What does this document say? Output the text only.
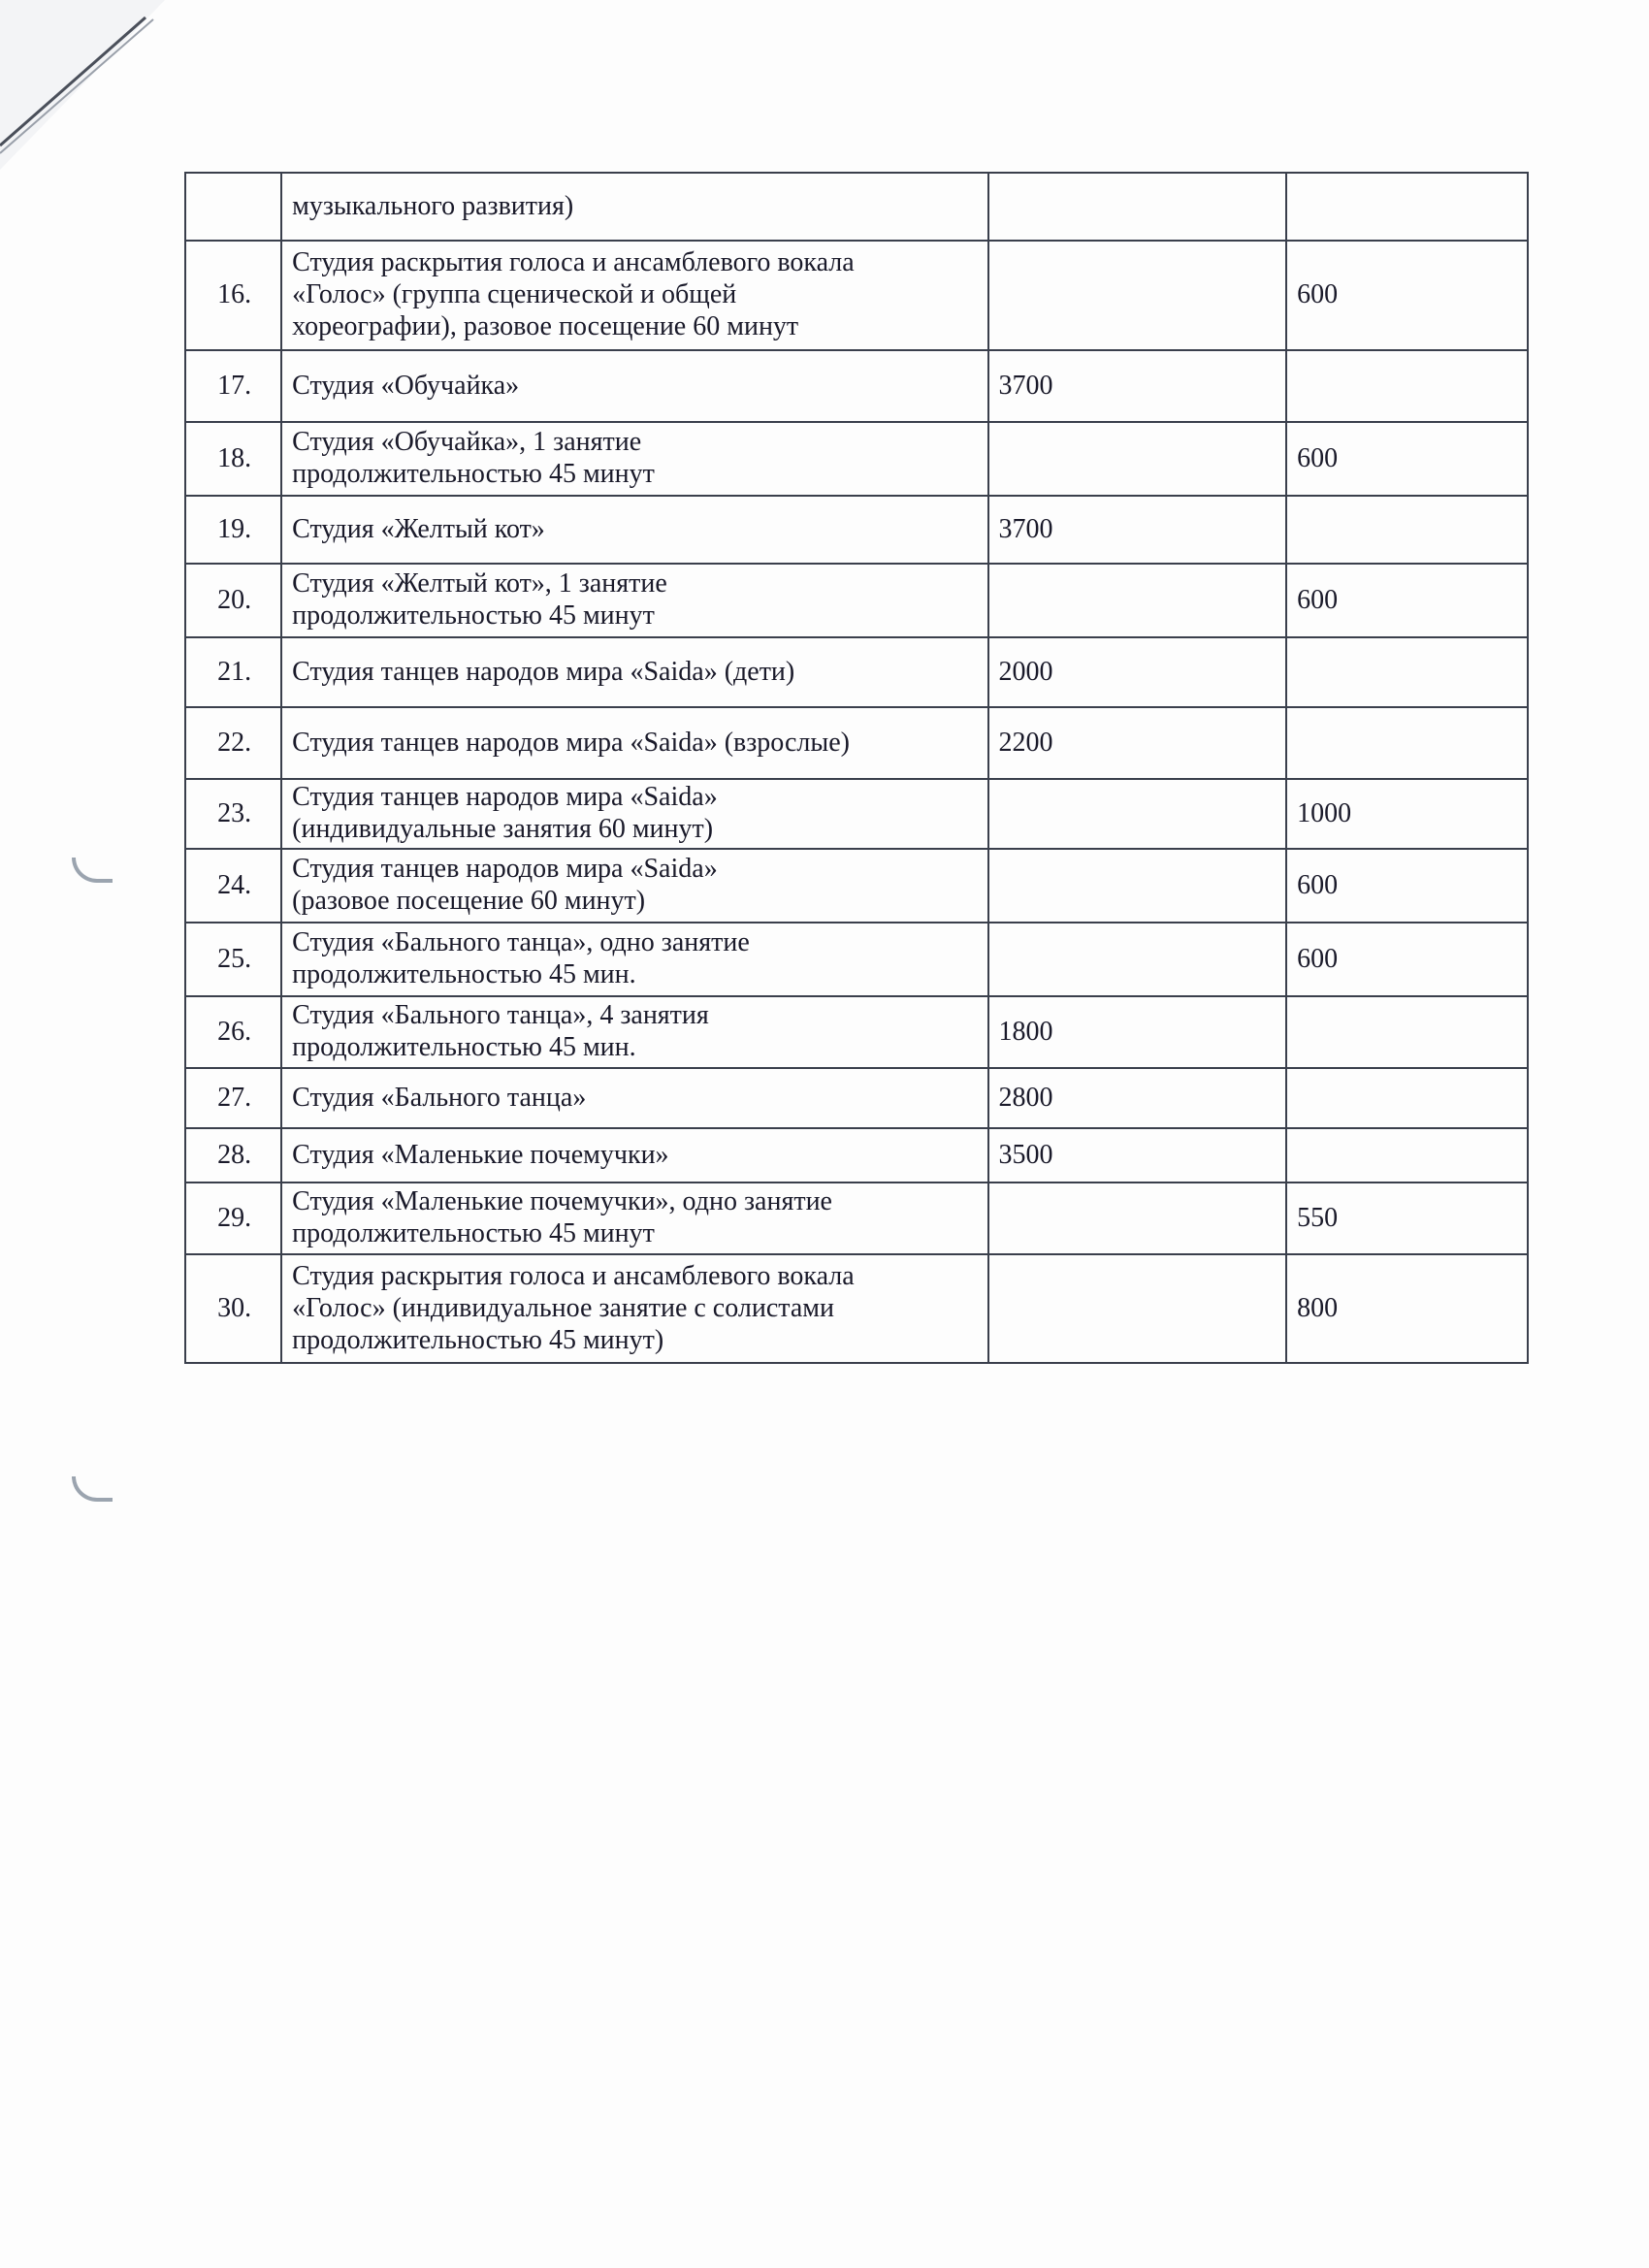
	музыкального развития)		

16.	Студия раскрытия голоса и ансамблевого вокала
«Голос» (группа сценической и общей
хореографии), разовое посещение 60 минут		600
17.	Студия «Обучайка»	3700	
18.	Студия «Обучайка», 1 занятие
продолжительностью 45 минут		600
19.	Студия «Желтый кот»	3700	
20.	Студия «Желтый кот», 1 занятие
продолжительностью 45 минут		600
21.	Студия танцев народов мира «Saida» (дети)	2000	
22.	Студия танцев народов мира «Saida» (взрослые)	2200	
23.	Студия танцев народов мира «Saida»
(индивидуальные занятия 60 минут)		1000
24.	Студия танцев народов мира «Saida»
(разовое посещение 60 минут)		600
25.	Студия «Бального танца», одно занятие
продолжительностью 45 мин.		600
26.	Студия «Бального танца», 4 занятия
продолжительностью 45 мин.	1800	
27.	Студия «Бального танца»	2800	
28.	Студия «Маленькие почемучки»	3500	
29.	Студия «Маленькие почемучки», одно занятие
продолжительностью 45 минут		550
30.	Студия раскрытия голоса и ансамблевого вокала
«Голос» (индивидуальное занятие с солистами
продолжительностью 45 минут)		800
